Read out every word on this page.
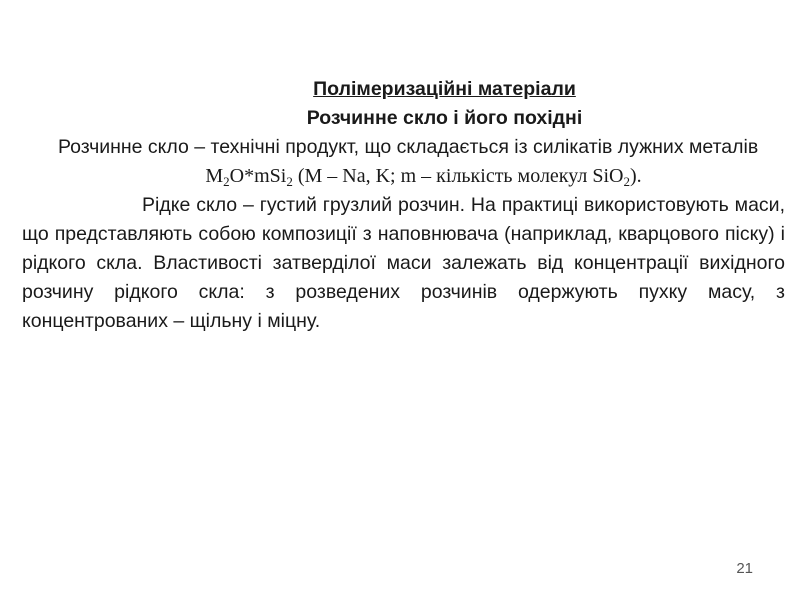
Полімеризаційні матеріали

Розчинне скло і його похідні

Розчинне скло – технічні продукт, що складається із силікатів лужних металів

$M_2O*mSi_2$ (M – Na, K; m – кількість молекул SiO$_2$).

Рідке скло – густий грузлий розчин. На практиці використовують маси, що представляють собою композиції з наповнювача (наприклад, кварцового піску) і рідкого скла. Властивості затверділої маси залежать від концентрації вихідного розчину рідкого скла: з розведених розчинів одержують пухку масу, з концентрованих – щільну і міцну.

21
